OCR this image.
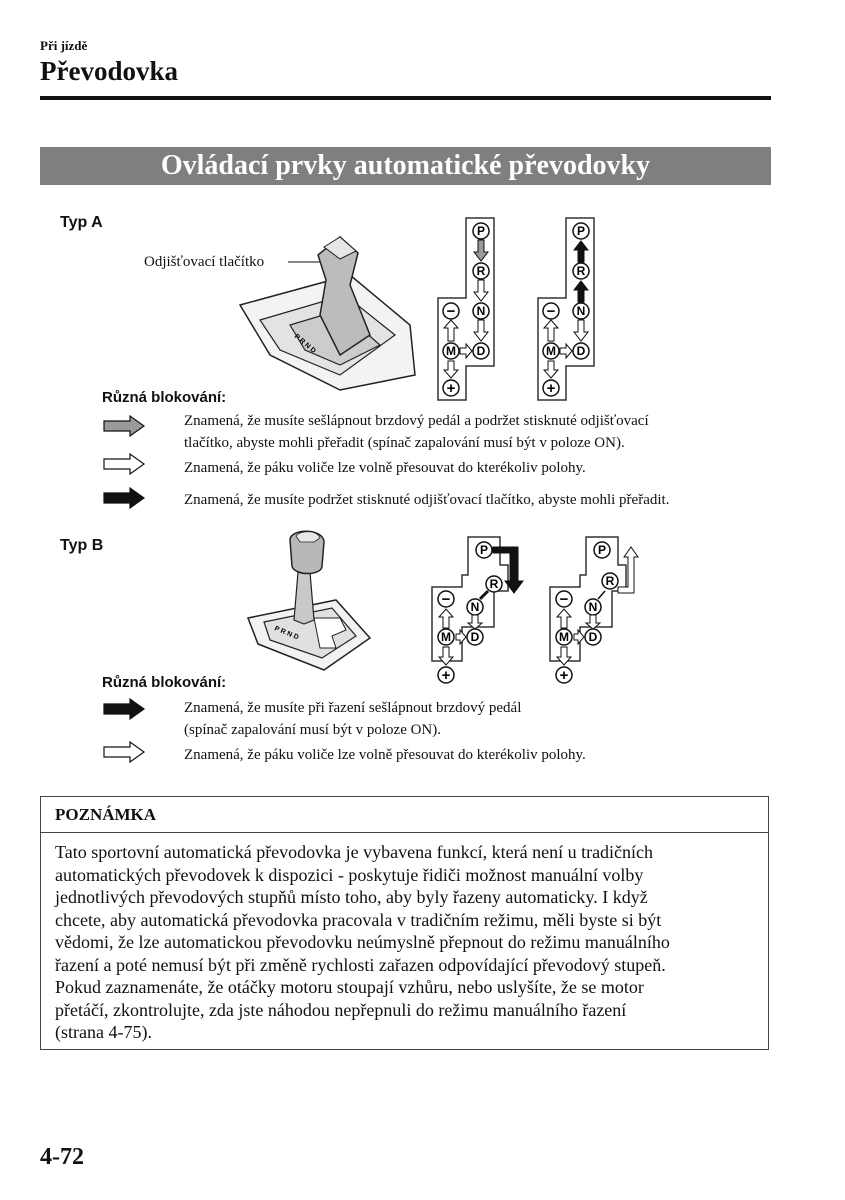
Při jízdě
Převodovka
Ovládací prvky automatické převodovky
Typ A
Odjišťovací tlačítko
P R N D
P
R
N
D
M
−
+
P
R
N
D
M
−
+
Různá blokování:
Znamená, že musíte sešlápnout brzdový pedál a podržet stisknuté odjišťovací
tlačítko, abyste mohli přeřadit (spínač zapalování musí být v poloze ON).
Znamená, že páku voliče lze volně přesouvat do kterékoliv polohy.
Znamená, že musíte podržet stisknuté odjišťovací tlačítko, abyste mohli přeřadit.
Typ B
P R N D
P
R
N
D
M
−
+
P
R
N
D
M
−
+
Různá blokování:
Znamená, že musíte při řazení sešlápnout brzdový pedál
(spínač zapalování musí být v poloze ON).
Znamená, že páku voliče lze volně přesouvat do kterékoliv polohy.
POZNÁMKA
Tato sportovní automatická převodovka je vybavena funkcí, která není u tradičních
automatických převodovek k dispozici - poskytuje řidiči možnost manuální volby
jednotlivých převodových stupňů místo toho, aby byly řazeny automaticky. I když
chcete, aby automatická převodovka pracovala v tradičním režimu, měli byste si být
vědomi, že lze automatickou převodovku neúmyslně přepnout do režimu manuálního
řazení a poté nemusí být při změně rychlosti zařazen odpovídající převodový stupeň.
Pokud zaznamenáte, že otáčky motoru stoupají vzhůru, nebo uslyšíte, že se motor
přetáčí, zkontrolujte, zda jste náhodou nepřepnuli do režimu manuálního řazení
(strana 4-75).
4-72
